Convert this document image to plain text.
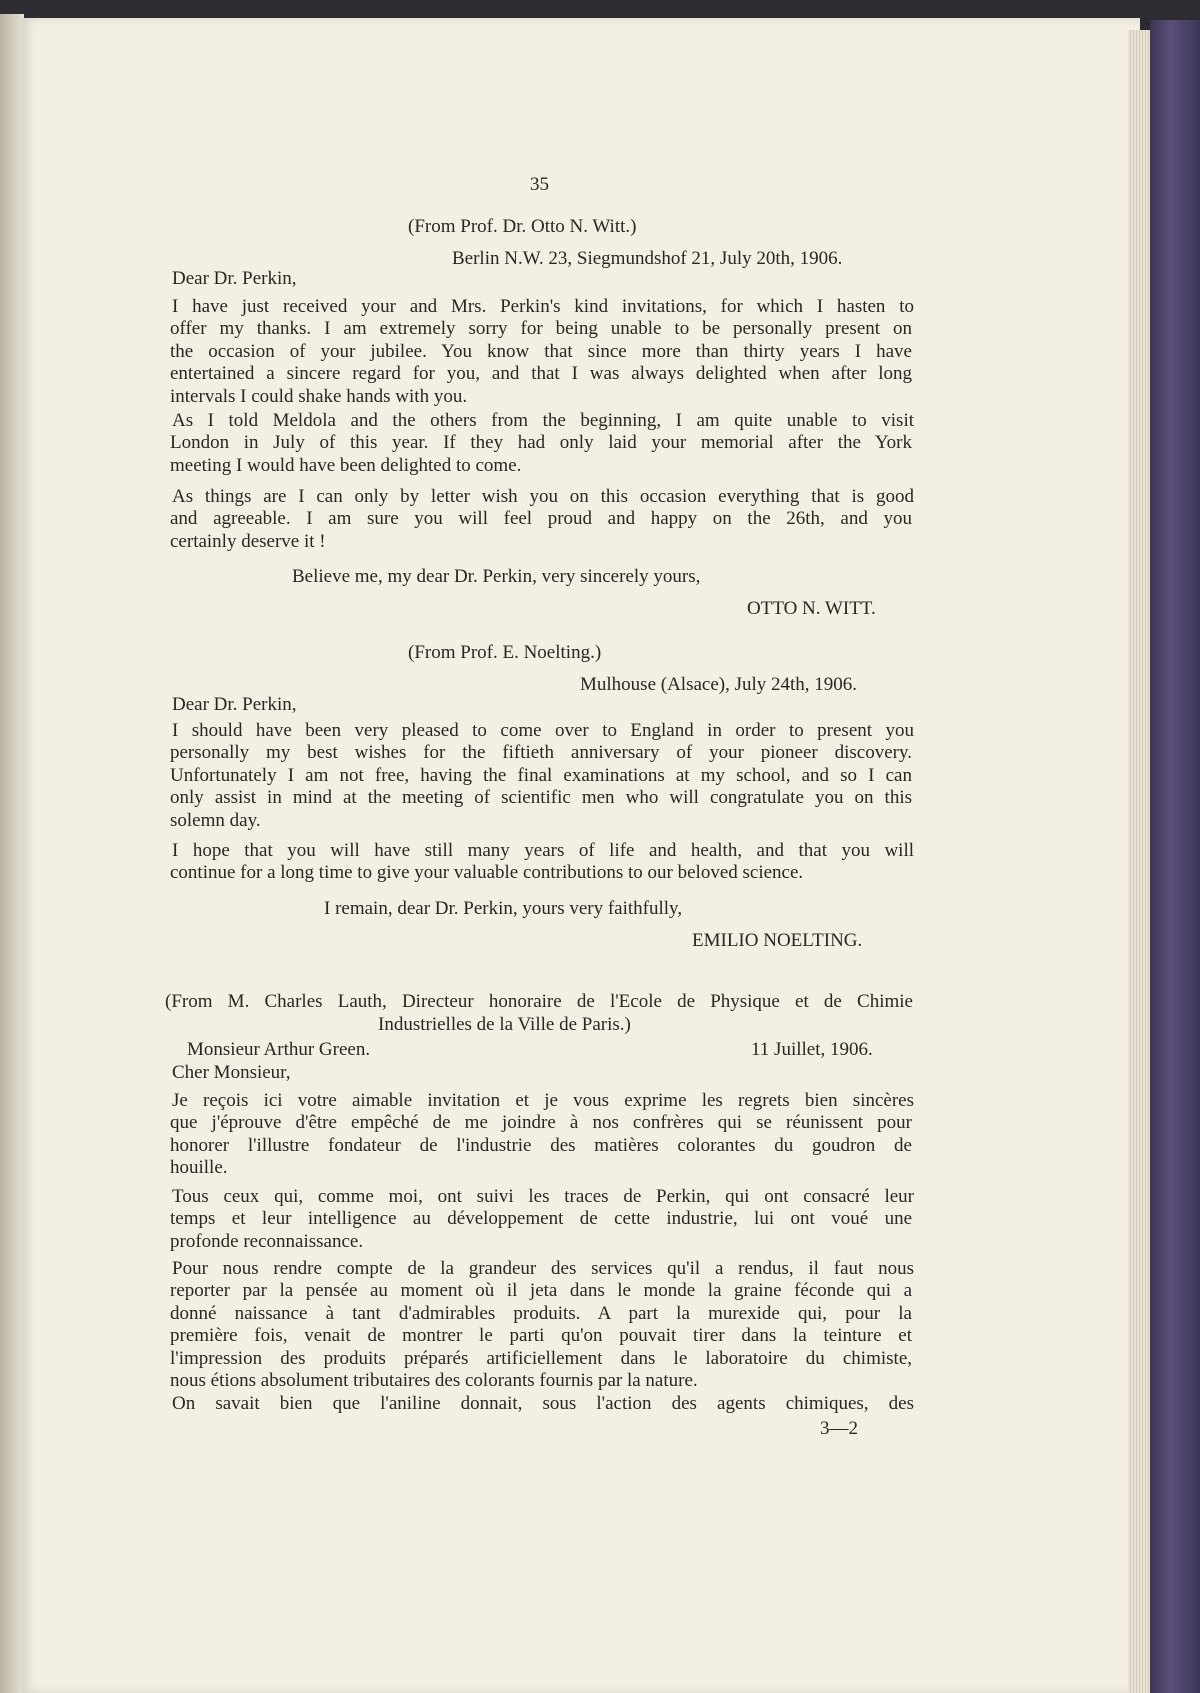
35
(From Prof. Dr. Otto N. Witt.)
Berlin N.W. 23, Siegmundshof 21, July 20th, 1906.
Dear Dr. Perkin,
I have just received your and Mrs. Perkin's kind invitations, for which I hasten to
offer my thanks. I am extremely sorry for being unable to be personally present on
the occasion of your jubilee. You know that since more than thirty years I have
entertained a sincere regard for you, and that I was always delighted when after long
intervals I could shake hands with you.
As I told Meldola and the others from the beginning, I am quite unable to visit
London in July of this year. If they had only laid your memorial after the York
meeting I would have been delighted to come.
As things are I can only by letter wish you on this occasion everything that is good
and agreeable. I am sure you will feel proud and happy on the 26th, and you
certainly deserve it !
Believe me, my dear Dr. Perkin, very sincerely yours,
OTTO N. WITT.
(From Prof. E. Noelting.)
Mulhouse (Alsace), July 24th, 1906.
Dear Dr. Perkin,
I should have been very pleased to come over to England in order to present you
personally my best wishes for the fiftieth anniversary of your pioneer discovery.
Unfortunately I am not free, having the final examinations at my school, and so I can
only assist in mind at the meeting of scientific men who will congratulate you on this
solemn day.
I hope that you will have still many years of life and health, and that you will
continue for a long time to give your valuable contributions to our beloved science.
I remain, dear Dr. Perkin, yours very faithfully,
EMILIO NOELTING.
(From M. Charles Lauth, Directeur honoraire de l'Ecole de Physique et de Chimie
Industrielles de la Ville de Paris.)
Monsieur Arthur Green.	11 Juillet, 1906.
Cher Monsieur,
Je reçois ici votre aimable invitation et je vous exprime les regrets bien sincères
que j'éprouve d'être empêché de me joindre à nos confrères qui se réunissent pour
honorer l'illustre fondateur de l'industrie des matières colorantes du goudron de
houille.
Tous ceux qui, comme moi, ont suivi les traces de Perkin, qui ont consacré leur
temps et leur intelligence au développement de cette industrie, lui ont voué une
profonde reconnaissance.
Pour nous rendre compte de la grandeur des services qu'il a rendus, il faut nous
reporter par la pensée au moment où il jeta dans le monde la graine féconde qui a
donné naissance à tant d'admirables produits. A part la murexide qui, pour la
première fois, venait de montrer le parti qu'on pouvait tirer dans la teinture et
l'impression des produits préparés artificiellement dans le laboratoire du chimiste,
nous étions absolument tributaires des colorants fournis par la nature.
On savait bien que l'aniline donnait, sous l'action des agents chimiques, des
3—2
